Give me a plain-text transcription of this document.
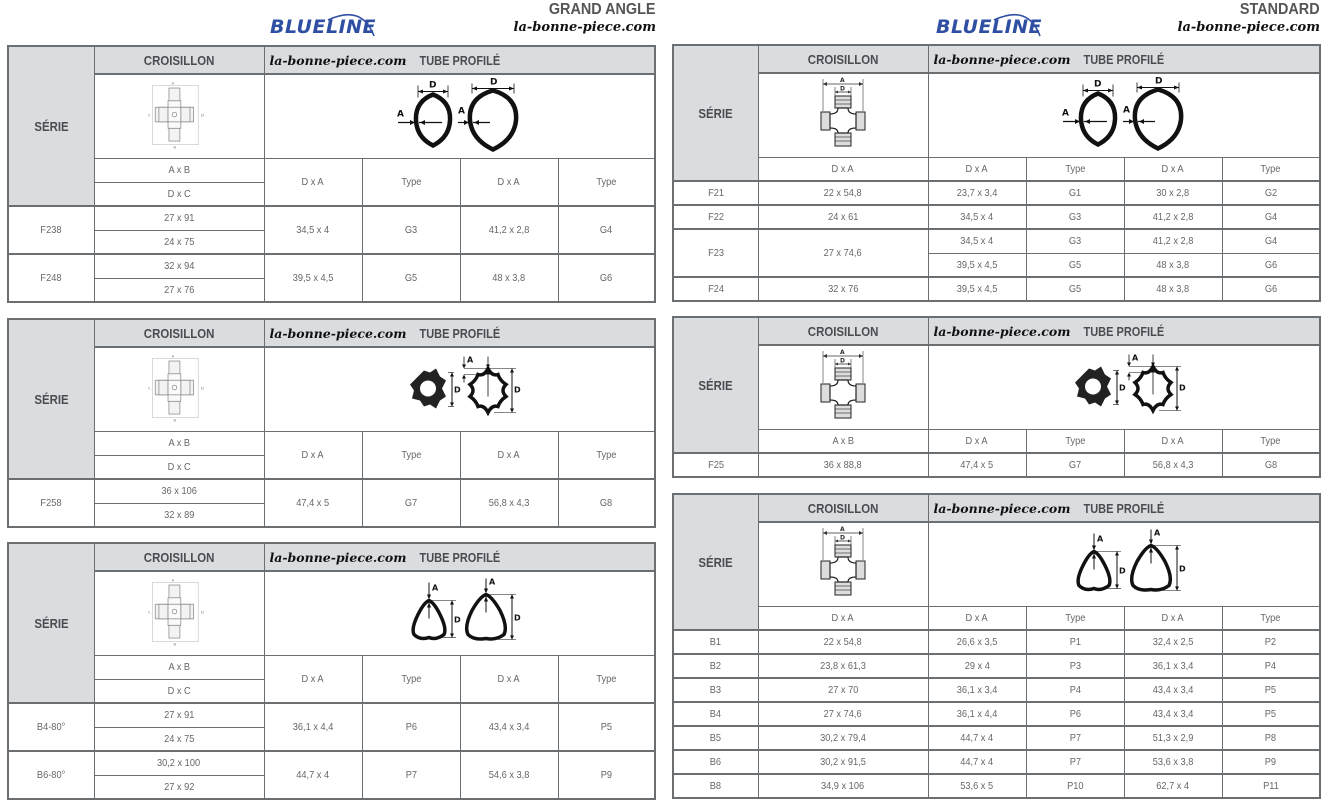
BLUELINE
GRAND ANGLE
la-bonne-piece.com	BLUELINE
STANDARD
la-bonne-piece.com
SÉRIE	CROISILLON	la-bonne-piece.com TUBE PROFILÉ			

	A x B	D x A	Type	D x A	Type
	D x C				
F238	27 x 91	34,5 x 4	G3	41,2 x 2,8	G4
	24 x 75				
F248	32 x 94	39,5 x 4,5	G5	48 x 3,8	G6
	27 x 76				
SÉRIE	CROISILLON	la-bonne-piece.com TUBE PROFILÉ			

	A x B	D x A	Type	D x A	Type
	D x C				
F258	36 x 106	47,4 x 5	G7	56,8 x 4,3	G8
	32 x 89				
SÉRIE	CROISILLON	la-bonne-piece.com TUBE PROFILÉ			

	A x B	D x A	Type	D x A	Type
	D x C				
B4-80°	27 x 91	36,1 x 4,4	P6	43,4 x 3,4	P5
	24 x 75				
B6-80°	30,2 x 100	44,7 x 4	P7	54,6 x 3,8	P9
	27 x 92				
SÉRIE	CROISILLON	la-bonne-piece.com TUBE PROFILÉ			

	D x A	D x A	Type	D x A	Type
F21	22 x 54,8	23,7 x 3,4	G1	30 x 2,8	G2
F22	24 x 61	34,5 x 4	G3	41,2 x 2,8	G4
F23	27 x 74,6	34,5 x 4	G3	41,2 x 2,8	G4
		39,5 x 4,5	G5	48 x 3,8	G6
F24	32 x 76	39,5 x 4,5	G5	48 x 3,8	G6
SÉRIE	CROISILLON	la-bonne-piece.com TUBE PROFILÉ			

	A x B	D x A	Type	D x A	Type
F25	36 x 88,8	47,4 x 5	G7	56,8 x 4,3	G8
SÉRIE	CROISILLON	la-bonne-piece.com TUBE PROFILÉ			

	D x A	D x A	Type	D x A	Type
B1	22 x 54,8	26,6 x 3,5	P1	32,4 x 2,5	P2
B2	23,8 x 61,3	29 x 4	P3	36,1 x 3,4	P4
B3	27 x 70	36,1 x 3,4	P4	43,4 x 3,4	P5
B4	27 x 74,6	36,1 x 4,4	P6	43,4 x 3,4	P5
B5	30,2 x 79,4	44,7 x 4	P7	51,3 x 2,9	P8
B6	30,2 x 91,5	44,7 x 4	P7	53,6 x 3,8	P9
B8	34,9 x 106	53,6 x 5	P10	62,7 x 4	P11
